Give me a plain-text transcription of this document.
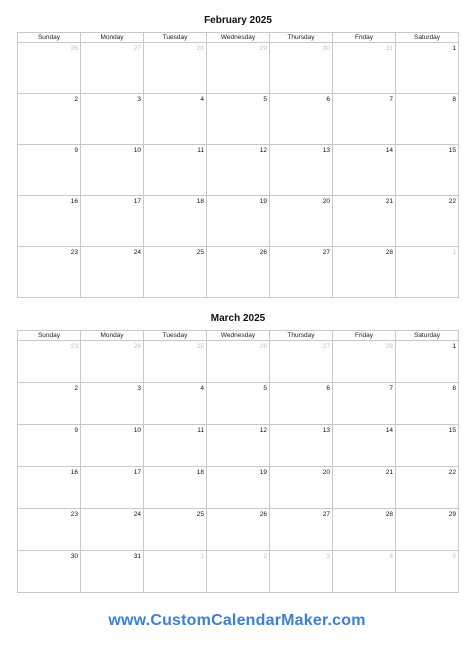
February 2025
Sunday	Monday	Tuesday	Wednesday	Thursday	Friday	Saturday
26	27	28	29	30	31	1
2	3	4	5	6	7	8
9	10	11	12	13	14	15
16	17	18	19	20	21	22
23	24	25	26	27	28	1
March 2025
Sunday	Monday	Tuesday	Wednesday	Thursday	Friday	Saturday
23	24	25	26	27	28	1
2	3	4	5	6	7	8
9	10	11	12	13	14	15
16	17	18	19	20	21	22
23	24	25	26	27	28	29
30	31	1	2	3	4	5
www.CustomCalendarMaker.com
